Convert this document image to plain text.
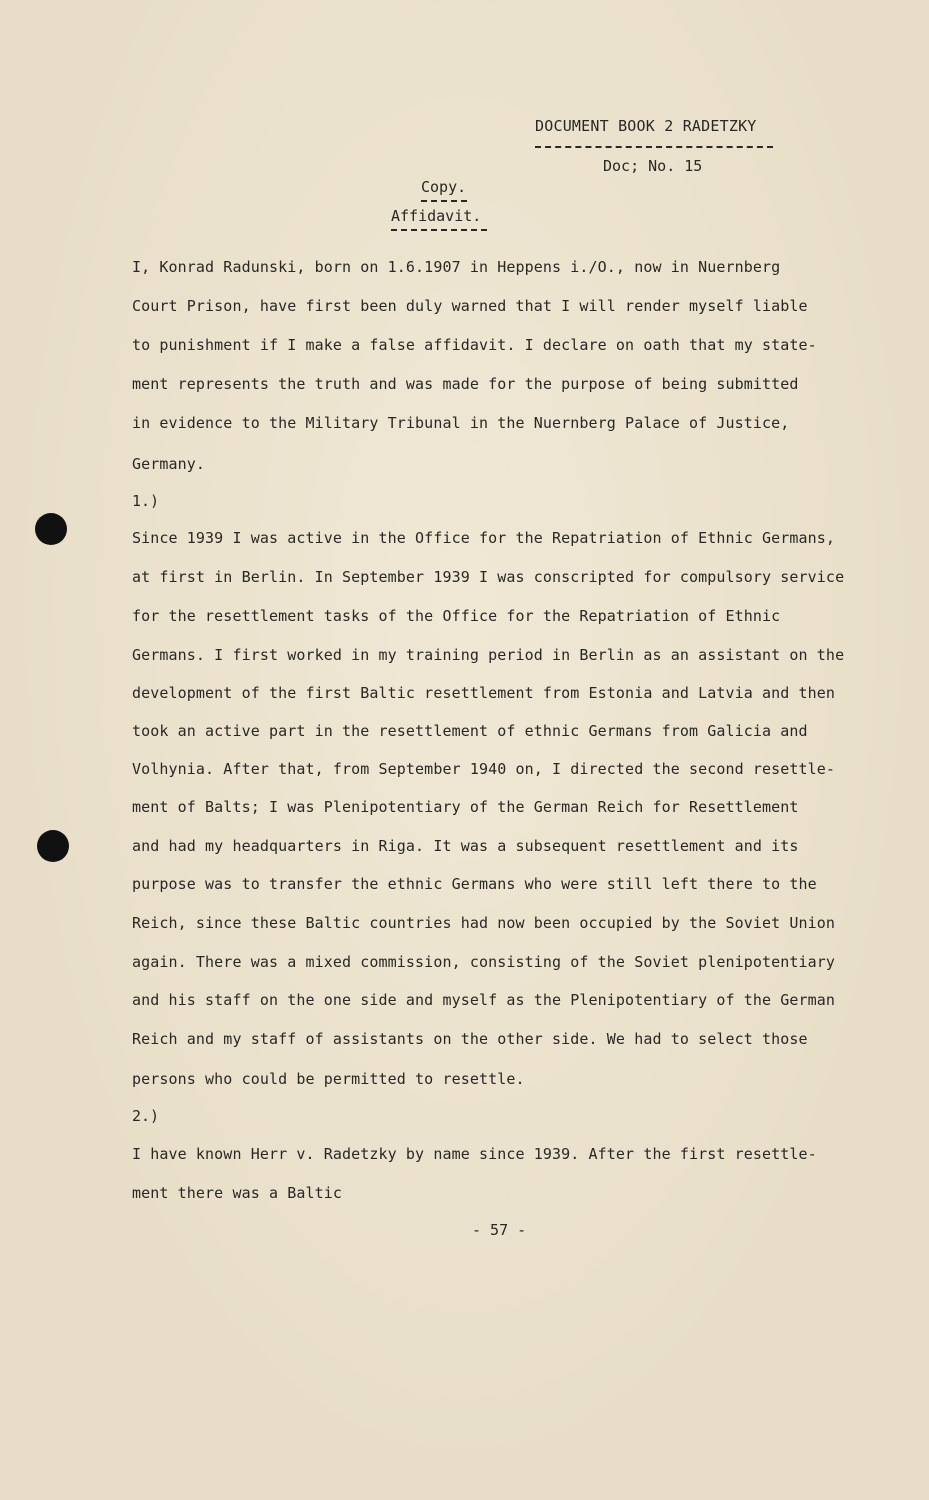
DOCUMENT BOOK 2 RADETZKY
Doc; No. 15
Copy.
Affidavit.
I, Konrad Radunski, born on 1.6.1907 in Heppens i./O., now in Nuernberg
Court Prison, have first been duly warned that I will render myself liable
to punishment if I make a false affidavit. I declare on oath that my state-
ment represents the truth and was made for the purpose of being submitted
in evidence to the Military Tribunal in the Nuernberg Palace of Justice,
Germany.
1.)
Since 1939 I was active in the Office for the Repatriation of Ethnic Germans,
at first in Berlin. In September 1939 I was conscripted for compulsory service
for the resettlement tasks of the Office for the Repatriation of Ethnic
Germans. I first worked in my training period in Berlin as an assistant on the
development of the first Baltic resettlement from Estonia and Latvia and then
took an active part in the resettlement of ethnic Germans from Galicia and
Volhynia. After that, from September 1940 on, I directed the second resettle-
ment of Balts; I was Plenipotentiary of the German Reich for Resettlement
and had my headquarters in Riga. It was a subsequent resettlement and its
purpose was to transfer the ethnic Germans who were still left there to the
Reich, since these Baltic countries had now been occupied by the Soviet Union
again. There was a mixed commission, consisting of the Soviet plenipotentiary
and his staff on the one side and myself as the Plenipotentiary of the German
Reich and my staff of assistants on the other side. We had to select those
persons who could be permitted to resettle.
2.)
I have known Herr v. Radetzky by name since 1939. After the first resettle-
ment there was a Baltic
- 57 -
